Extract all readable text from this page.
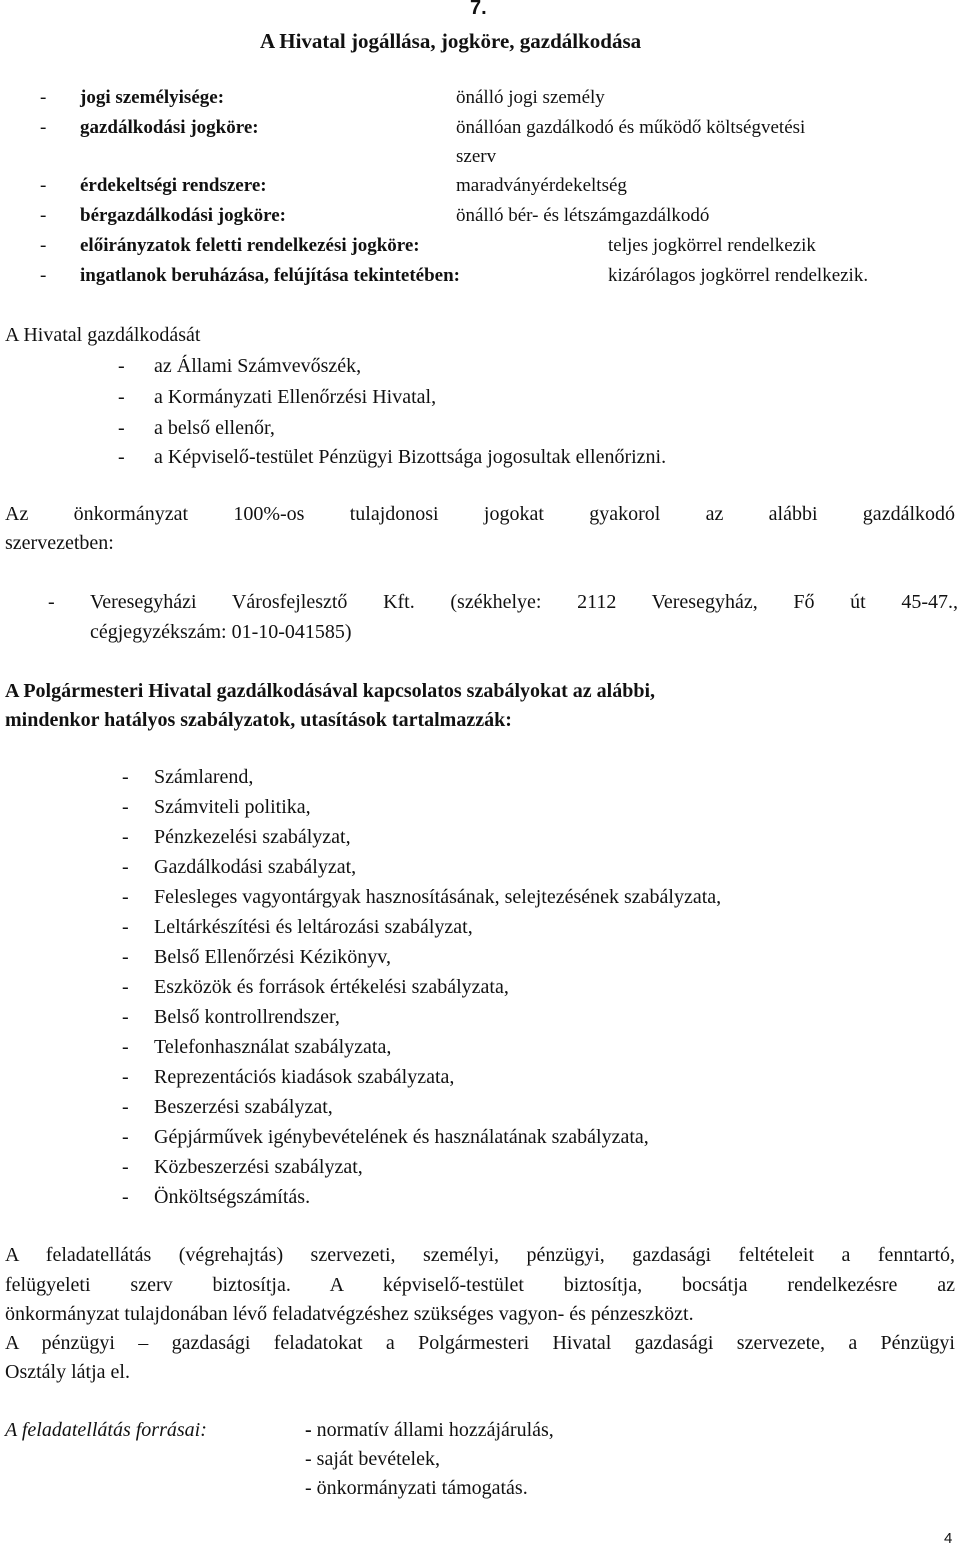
7.
A Hivatal jogállása, jogköre, gazdálkodása
- jogi személyisége:	önálló jogi személy
- gazdálkodási jogköre:	önállóan gazdálkodó és működő költségvetési
szerv
- érdekeltségi rendszere:	maradványérdekeltség
- bérgazdálkodási jogköre:	önálló bér- és létszámgazdálkodó
- előirányzatok feletti rendelkezési jogköre:	teljes jogkörrel rendelkezik
- ingatlanok beruházása, felújítása tekintetében:	kizárólagos jogkörrel rendelkezik.
A Hivatal gazdálkodását
- az Állami Számvevőszék,
- a Kormányzati Ellenőrzési Hivatal,
- a belső ellenőr,
- a Képviselő-testület Pénzügyi Bizottsága jogosultak ellenőrizni.
Az önkormányzat 100%-os tulajdonosi jogokat gyakorol az alábbi gazdálkodó
szervezetben:
- Veresegyházi Városfejlesztő Kft. (székhelye: 2112 Veresegyház, Fő út 45-47.,
cégjegyzékszám: 01-10-041585)
A Polgármesteri Hivatal gazdálkodásával kapcsolatos szabályokat az alábbi,
mindenkor hatályos szabályzatok, utasítások tartalmazzák:
- Számlarend,
- Számviteli politika,
- Pénzkezelési szabályzat,
- Gazdálkodási szabályzat,
- Felesleges vagyontárgyak hasznosításának, selejtezésének szabályzata,
- Leltárkészítési és leltározási szabályzat,
- Belső Ellenőrzési Kézikönyv,
- Eszközök és források értékelési szabályzata,
- Belső kontrollrendszer,
- Telefonhasználat szabályzata,
- Reprezentációs kiadások szabályzata,
- Beszerzési szabályzat,
- Gépjárművek igénybevételének és használatának szabályzata,
- Közbeszerzési szabályzat,
- Önköltségszámítás.
A feladatellátás (végrehajtás) szervezeti, személyi, pénzügyi, gazdasági feltételeit a fenntartó,
felügyeleti szerv biztosítja. A képviselő-testület biztosítja, bocsátja rendelkezésre az
önkormányzat tulajdonában lévő feladatvégzéshez szükséges vagyon- és pénzeszközt.
A pénzügyi – gazdasági feladatokat a Polgármesteri Hivatal gazdasági szervezete, a Pénzügyi
Osztály látja el.
A feladatellátás forrásai:	- normatív állami hozzájárulás,
- saját bevételek,
- önkormányzati támogatás.
4
